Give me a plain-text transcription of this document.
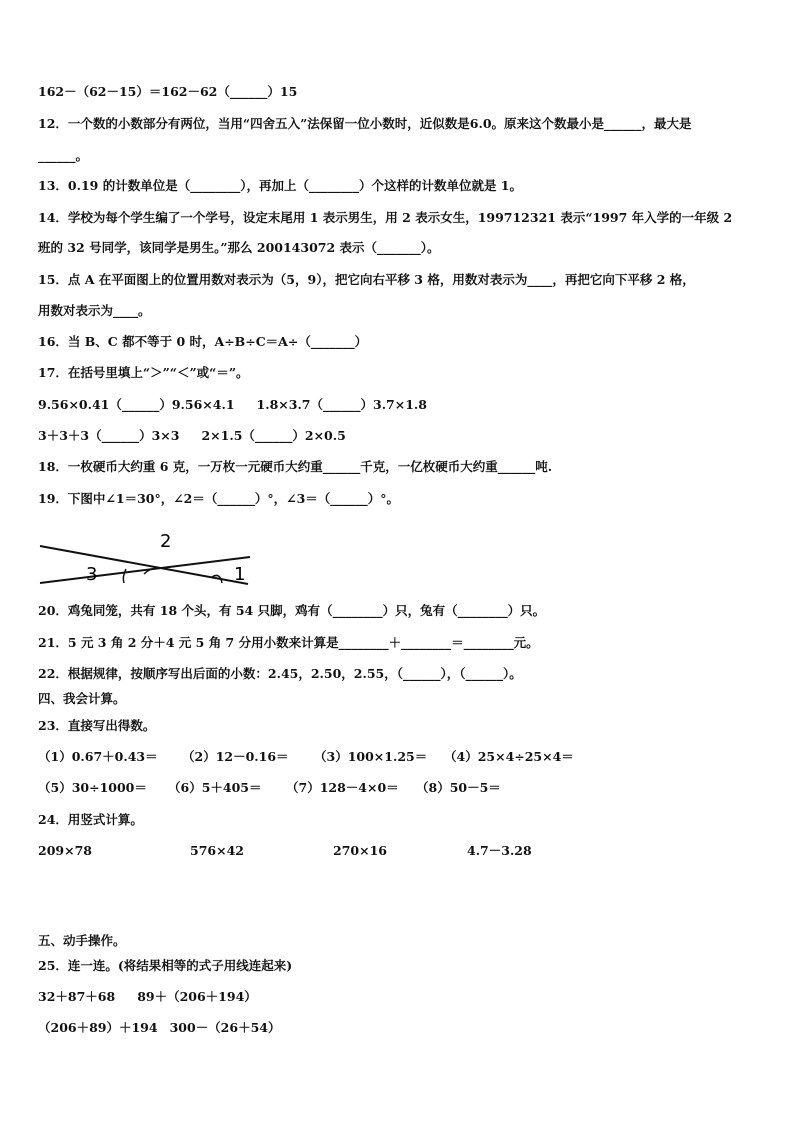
162－（62－15）＝162－62（______）15
12．一个数的小数部分有两位，当用“四舍五入”法保留一位小数时，近似数是6.0。原来这个数最小是______，最大是
______。
13．0.19 的计数单位是（________），再加上（________）个这样的计数单位就是 1。
14．学校为每个学生编了一个学号，设定末尾用 1 表示男生，用 2 表示女生，199712321 表示“1997 年入学的一年级 2
班的 32 号同学，该同学是男生。”那么 200143072 表示（_______）。
15．点 A 在平面图上的位置用数对表示为（5，9），把它向右平移 3 格，用数对表示为____，再把它向下平移 2 格，
用数对表示为____。
16．当 B、C 都不等于 0 时，A÷B÷C＝A÷（_______）
17．在括号里填上“＞”“＜”或“＝”。
9.56×0.41（______）9.56×4.1 1.8×3.7（______）3.7×1.8
3＋3＋3（______）3×3 2×1.5（______）2×0.5
18．一枚硬币大约重 6 克，一万枚一元硬币大约重______千克，一亿枚硬币大约重______吨.
19．下图中∠1＝30°，∠2＝（______）°，∠3＝（______）°。
2
3	1
20．鸡兔同笼，共有 18 个头，有 54 只脚，鸡有（________）只，兔有（________）只。
21．5 元 3 角 2 分＋4 元 5 角 7 分用小数来计算是________＋________＝________元。
22．根据规律，按顺序写出后面的小数：2.45，2.50，2.55，（______），（______）。
四、我会计算。
23．直接写出得数。
（1）0.67＋0.43＝ （2）12－0.16＝ （3）100×1.25＝ （4）25×4÷25×4＝
（5）30÷1000＝ （6）5＋405＝ （7）128－4×0＝ （8）50－5＝
24．用竖式计算。
209×78	576×42	270×16	4.7－3.28
五、动手操作。
25．连一连。(将结果相等的式子用线连起来)
32＋87＋68 89＋（206＋194）
（206＋89）＋194 300－（26＋54）
